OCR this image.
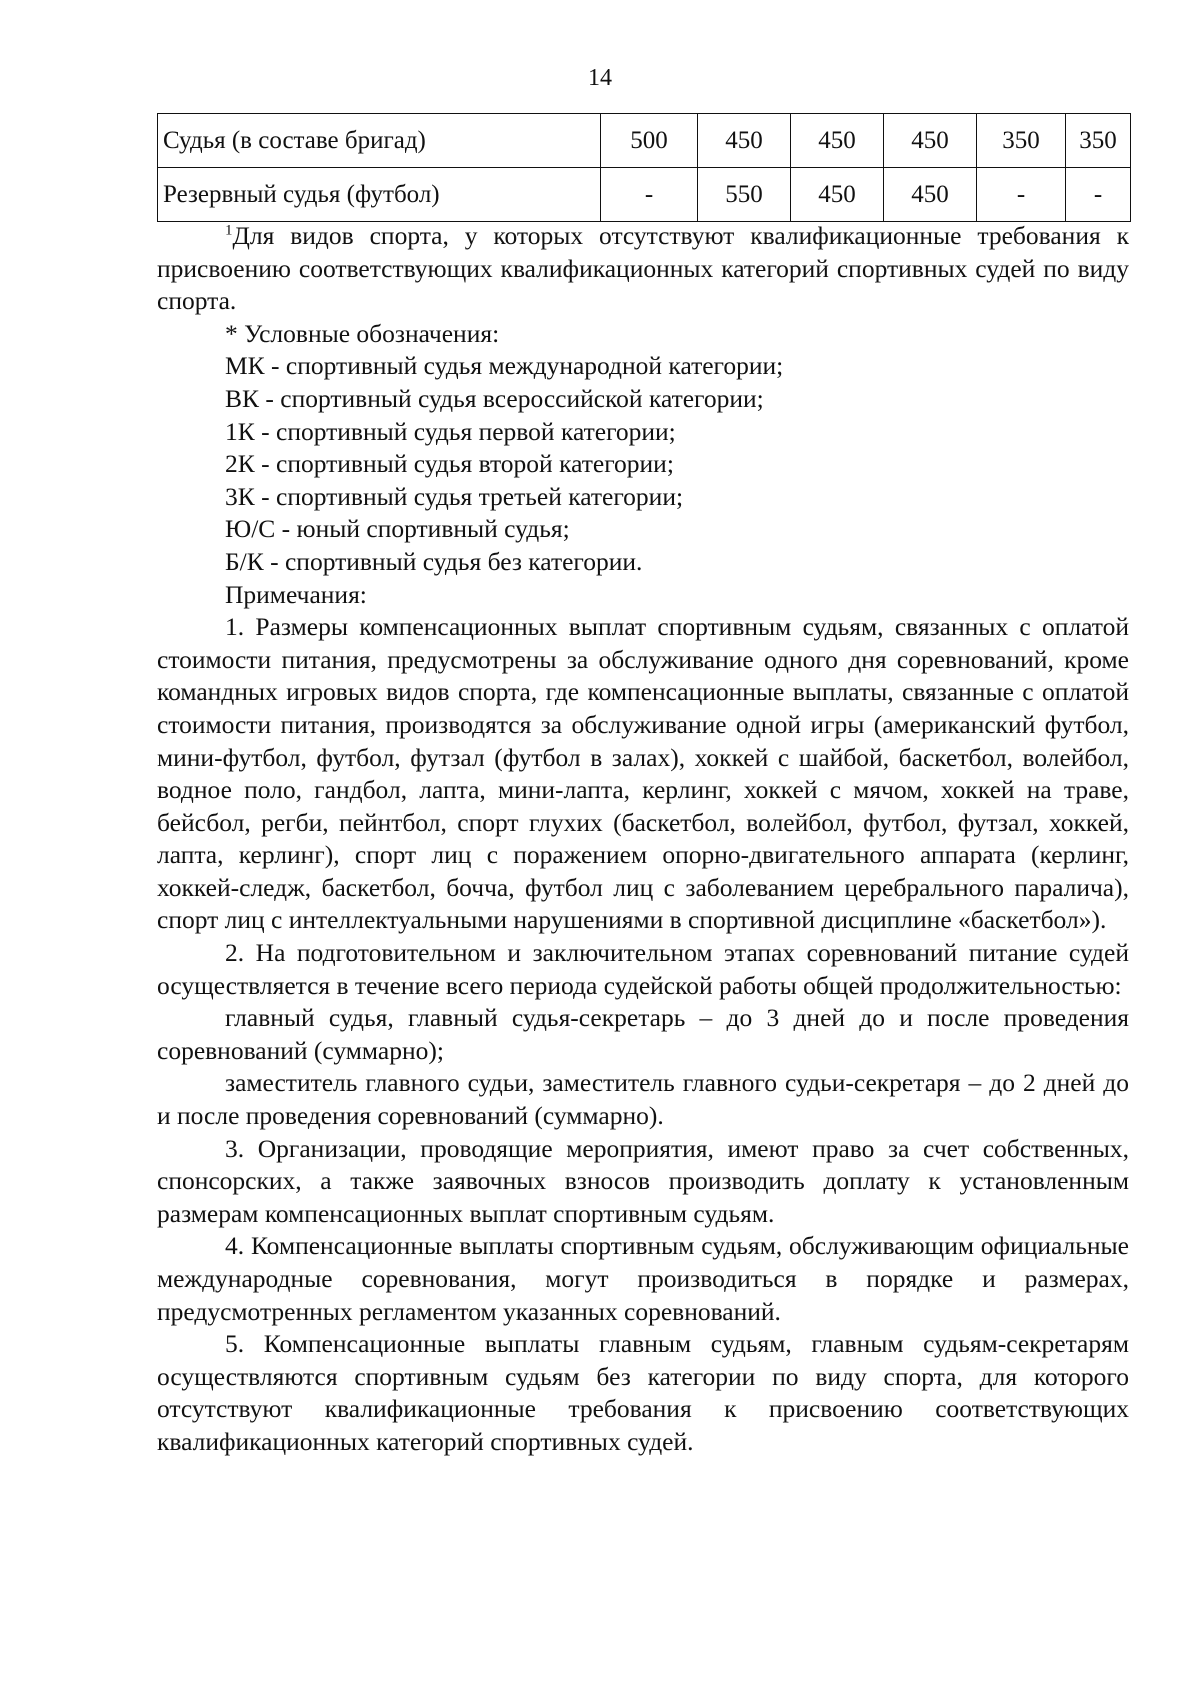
14
Судья (в составе бригад)	500	450	450	450	350	350
Резервный судья (футбол)	-	550	450	450	-	-

$^1$Для видов спорта, у которых отсутствуют квалификационные требования к присвоению соответствующих квалификационных категорий спортивных судей по виду спорта.

* Условные обозначения:

МК - спортивный судья международной категории;

ВК - спортивный судья всероссийской категории;

1К - спортивный судья первой категории;

2К - спортивный судья второй категории;

3К - спортивный судья третьей категории;

Ю/С - юный спортивный судья;

Б/К - спортивный судья без категории.

Примечания:

1. Размеры компенсационных выплат спортивным судьям, связанных с оплатой стоимости питания, предусмотрены за обслуживание одного дня соревнований, кроме командных игровых видов спорта, где компенсационные выплаты, связанные с оплатой стоимости питания, производятся за обслуживание одной игры (американский футбол, мини-футбол, футбол, футзал (футбол в залах), хоккей с шайбой, баскетбол, волейбол, водное поло, гандбол, лапта, мини-лапта, керлинг, хоккей с мячом, хоккей на траве, бейсбол, регби, пейнтбол, спорт глухих (баскетбол, волейбол, футбол, футзал, хоккей, лапта, керлинг), спорт лиц с поражением опорно-двигательного аппарата (керлинг, хоккей-следж, баскетбол, бочча, футбол лиц с заболеванием церебрального паралича), спорт лиц с интеллектуальными нарушениями в спортивной дисциплине «баскетбол»).

2. На подготовительном и заключительном этапах соревнований питание судей осуществляется в течение всего периода судейской работы общей продолжительностью:

главный судья, главный судья-секретарь – до 3 дней до и после проведения соревнований (суммарно);

заместитель главного судьи, заместитель главного судьи-секретаря – до 2 дней до и после проведения соревнований (суммарно).

3. Организации, проводящие мероприятия, имеют право за счет собственных, спонсорских, а также заявочных взносов производить доплату к установленным размерам компенсационных выплат спортивным судьям.

4. Компенсационные выплаты спортивным судьям, обслуживающим официальные международные соревнования, могут производиться в порядке и размерах, предусмотренных регламентом указанных соревнований.

5. Компенсационные выплаты главным судьям, главным судьям-секретарям осуществляются спортивным судьям без категории по виду спорта, для которого отсутствуют квалификационные требования к присвоению соответствующих квалификационных категорий спортивных судей.
